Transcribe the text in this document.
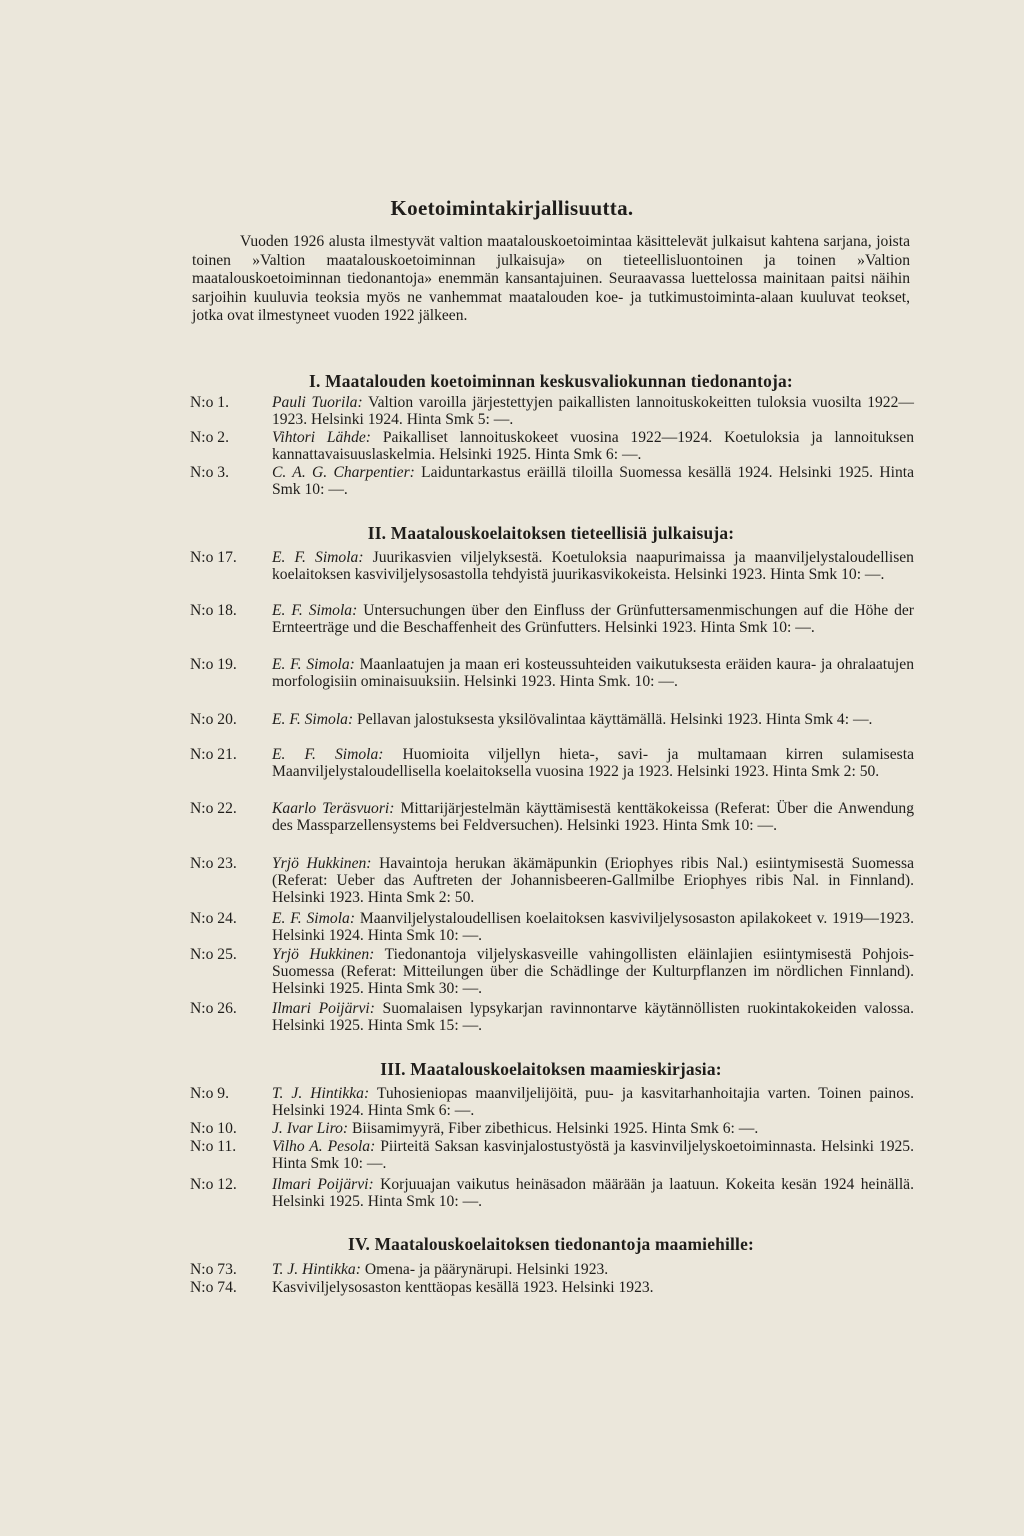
Koetoimintakirjallisuutta.
Vuoden 1926 alusta ilmestyvät valtion maatalouskoetoimintaa käsittelevät julkaisut kahtena sarjana, joista toinen »Valtion maatalouskoetoiminnan julkaisuja» on tieteellisluontoinen ja toinen »Valtion maatalouskoetoiminnan tiedonantoja» enemmän kansantajuinen. Seuraavassa luettelossa mainitaan paitsi näihin sarjoihin kuuluvia teoksia myös ne vanhemmat maatalouden koe- ja tutkimustoiminta-alaan kuuluvat teokset, jotka ovat ilmestyneet vuoden 1922 jälkeen.
I. Maatalouden koetoiminnan keskusvaliokunnan tiedonantoja:
N:o 1.	Pauli Tuorila: Valtion varoilla järjestettyjen paikallisten lannoituskokeitten tuloksia vuosilta 1922—1923. Helsinki 1924. Hinta Smk 5: —.
N:o 2.	Vihtori Lähde: Paikalliset lannoituskokeet vuosina 1922—1924. Koetuloksia ja lannoituksen kannattavaisuuslaskelmia. Helsinki 1925. Hinta Smk 6: —.
N:o 3.	C. A. G. Charpentier: Laiduntarkastus eräillä tiloilla Suomessa kesällä 1924. Helsinki 1925. Hinta Smk 10: —.
II. Maatalouskoelaitoksen tieteellisiä julkaisuja:
N:o 17.	E. F. Simola: Juurikasvien viljelyksestä. Koetuloksia naapurimaissa ja maanviljelystaloudellisen koelaitoksen kasviviljelysosastolla tehdyistä juurikasvikokeista. Helsinki 1923. Hinta Smk 10: —.
N:o 18.	E. F. Simola: Untersuchungen über den Einfluss der Grünfuttersamenmischungen auf die Höhe der Ernteerträge und die Beschaffenheit des Grünfutters. Helsinki 1923. Hinta Smk 10: —.
N:o 19.	E. F. Simola: Maanlaatujen ja maan eri kosteussuhteiden vaikutuksesta eräiden kaura- ja ohralaatujen morfologisiin ominaisuuksiin. Helsinki 1923. Hinta Smk. 10: —.
N:o 20.	E. F. Simola: Pellavan jalostuksesta yksilövalintaa käyttämällä. Helsinki 1923. Hinta Smk 4: —.
N:o 21.	E. F. Simola: Huomioita viljellyn hieta-, savi- ja multamaan kirren sulamisesta Maanviljelystaloudellisella koelaitoksella vuosina 1922 ja 1923. Helsinki 1923. Hinta Smk 2: 50.
N:o 22.	Kaarlo Teräsvuori: Mittarijärjestelmän käyttämisestä kenttäkokeissa (Referat: Über die Anwendung des Massparzellensystems bei Feldversuchen). Helsinki 1923. Hinta Smk 10: —.
N:o 23.	Yrjö Hukkinen: Havaintoja herukan äkämäpunkin (Eriophyes ribis Nal.) esiintymisestä Suomessa (Referat: Ueber das Auftreten der Johannisbeeren-Gallmilbe Eriophyes ribis Nal. in Finnland). Helsinki 1923. Hinta Smk 2: 50.
N:o 24.	E. F. Simola: Maanviljelystaloudellisen koelaitoksen kasviviljelysosaston apilakokeet v. 1919—1923. Helsinki 1924. Hinta Smk 10: —.
N:o 25.	Yrjö Hukkinen: Tiedonantoja viljelyskasveille vahingollisten eläinlajien esiintymisestä Pohjois-Suomessa (Referat: Mitteilungen über die Schädlinge der Kulturpflanzen im nördlichen Finnland). Helsinki 1925. Hinta Smk 30: —.
N:o 26.	Ilmari Poijärvi: Suomalaisen lypsykarjan ravinnontarve käytännöllisten ruokintakokeiden valossa. Helsinki 1925. Hinta Smk 15: —.
III. Maatalouskoelaitoksen maamieskirjasia:
N:o 9.	T. J. Hintikka: Tuhosieniopas maanviljelijöitä, puu- ja kasvitarhanhoitajia varten. Toinen painos. Helsinki 1924. Hinta Smk 6: —.
N:o 10.	J. Ivar Liro: Biisamimyyrä, Fiber zibethicus. Helsinki 1925. Hinta Smk 6: —.
N:o 11.	Vilho A. Pesola: Piirteitä Saksan kasvinjalostustyöstä ja kasvinviljelyskoetoiminnasta. Helsinki 1925. Hinta Smk 10: —.
N:o 12.	Ilmari Poijärvi: Korjuuajan vaikutus heinäsadon määrään ja laatuun. Kokeita kesän 1924 heinällä. Helsinki 1925. Hinta Smk 10: —.
IV. Maatalouskoelaitoksen tiedonantoja maamiehille:
N:o 73.	T. J. Hintikka: Omena- ja päärynärupi. Helsinki 1923.
N:o 74.	Kasviviljelysosaston kenttäopas kesällä 1923. Helsinki 1923.
